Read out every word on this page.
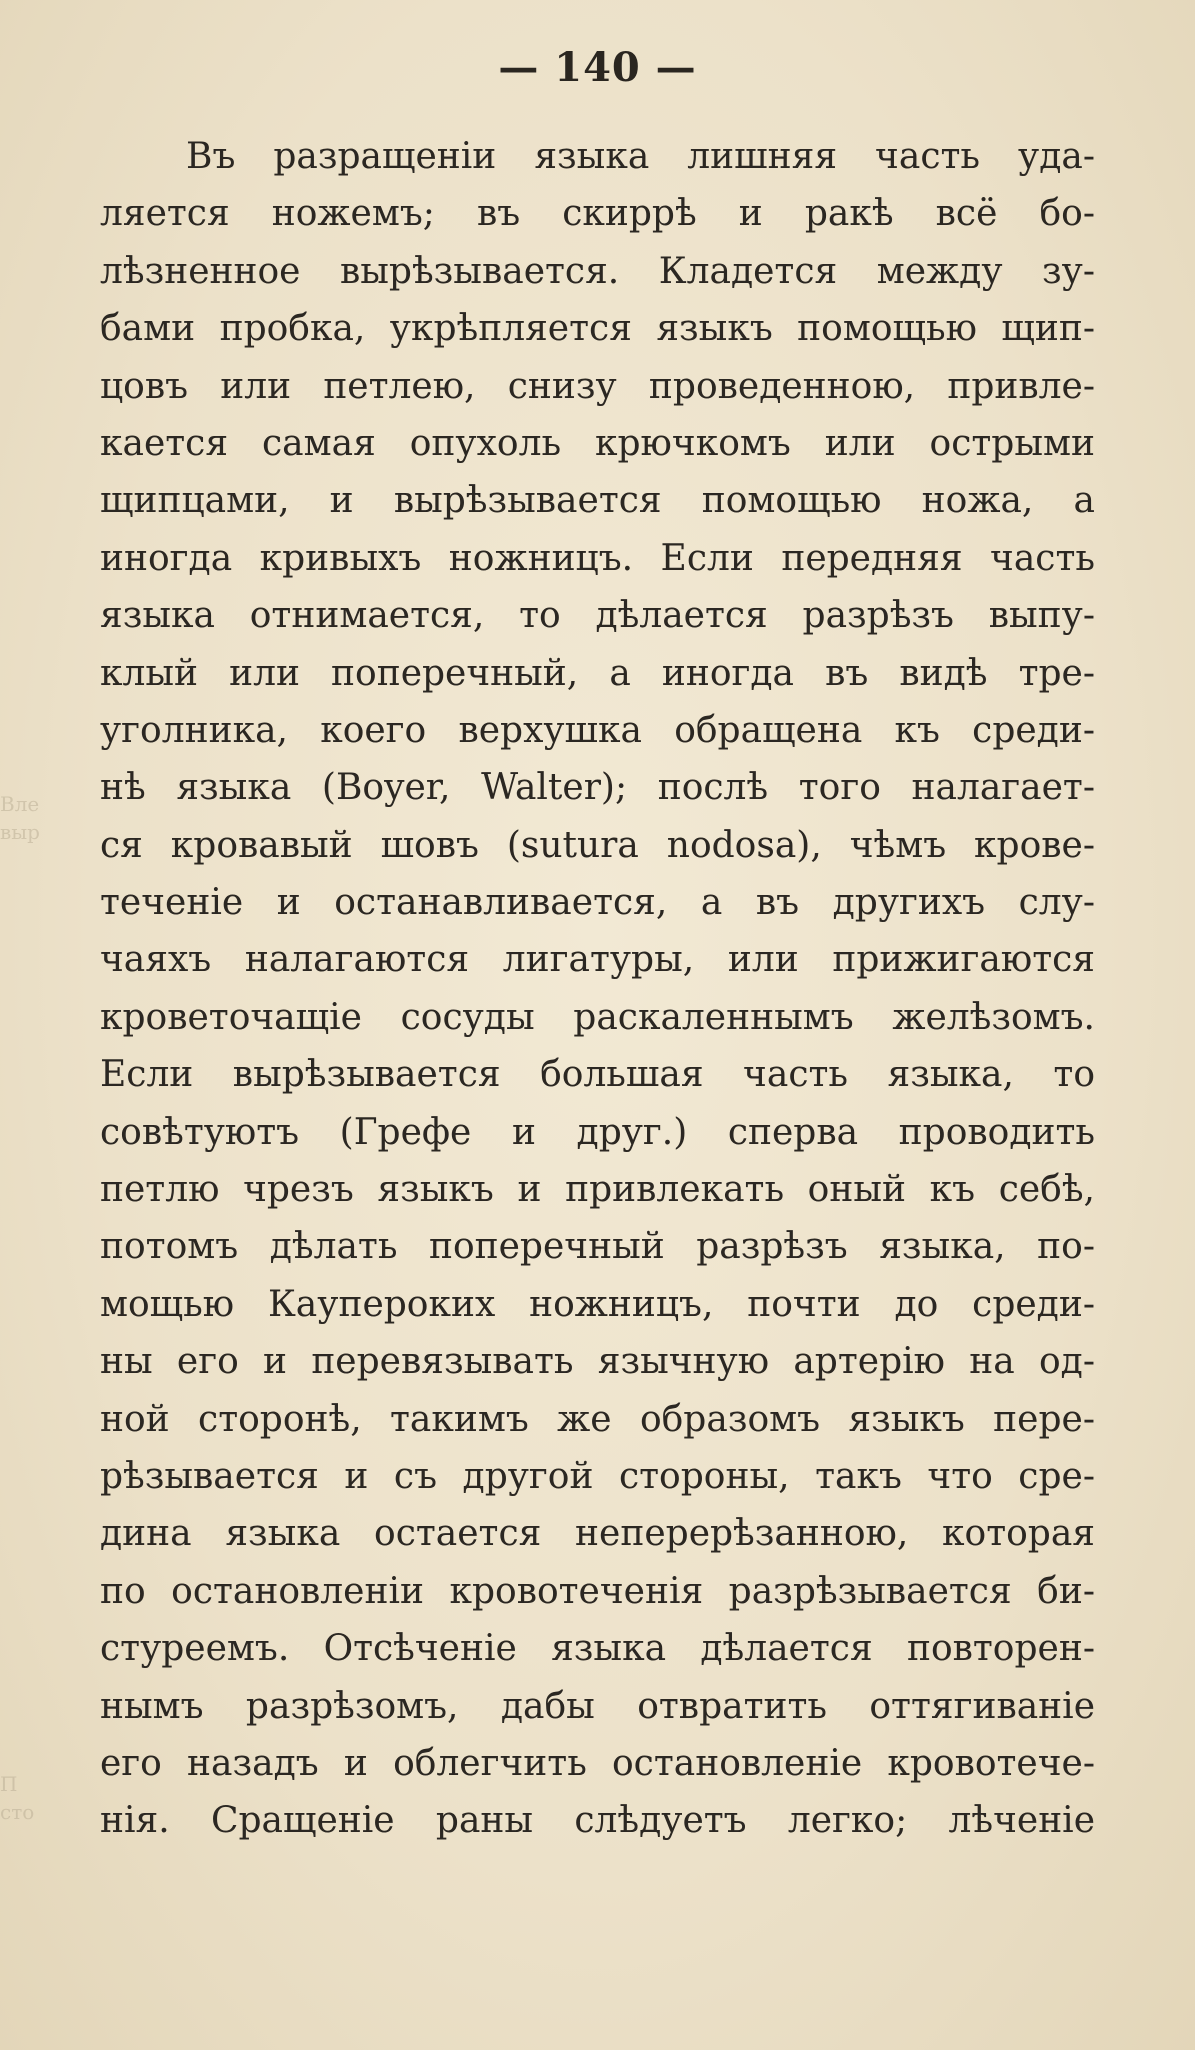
Вле
выр
П
сто
— 140 —
Въ разращеніи языка лишняя часть уда-
ляется ножемъ; въ скиррѣ и ракѣ всё бо-
лѣзненное вырѣзывается. Кладется между зу-
бами пробка, укрѣпляется языкъ помощью щип-
цовъ или петлею, снизу проведенною, привле-
кается самая опухоль крючкомъ или острыми
щипцами, и вырѣзывается помощью ножа, а
иногда кривыхъ ножницъ. Если передняя часть
языка отнимается, то дѣлается разрѣзъ выпу-
клый или поперечный, а иногда въ видѣ тре-
уголника, коего верхушка обращена къ среди-
нѣ языка (Boyer, Walter); послѣ того налагает-
ся кровавый шовъ (sutura nodosa), чѣмъ крове-
теченіе и останавливается, а въ другихъ слу-
чаяхъ налагаются лигатуры, или прижигаются
кроветочащіе сосуды раскаленнымъ желѣзомъ.
Если вырѣзывается большая часть языка, то
совѣтуютъ (Грефе и друг.) сперва проводить
петлю чрезъ языкъ и привлекать оный къ себѣ,
потомъ дѣлать поперечный разрѣзъ языка, по-
мощью Каупероких ножницъ, почти до среди-
ны его и перевязывать язычную артерію на од-
ной сторонѣ, такимъ же образомъ языкъ пере-
рѣзывается и съ другой стороны, такъ что сре-
дина языка остается неперерѣзанною, которая
по остановленіи кровотеченія разрѣзывается би-
стуреемъ. Отсѣченіе языка дѣлается повторен-
нымъ разрѣзомъ, дабы отвратить оттягиваніе
его назадъ и облегчить остановленіе кровотече-
нія. Сращеніе раны слѣдуетъ легко; лѣченіе
